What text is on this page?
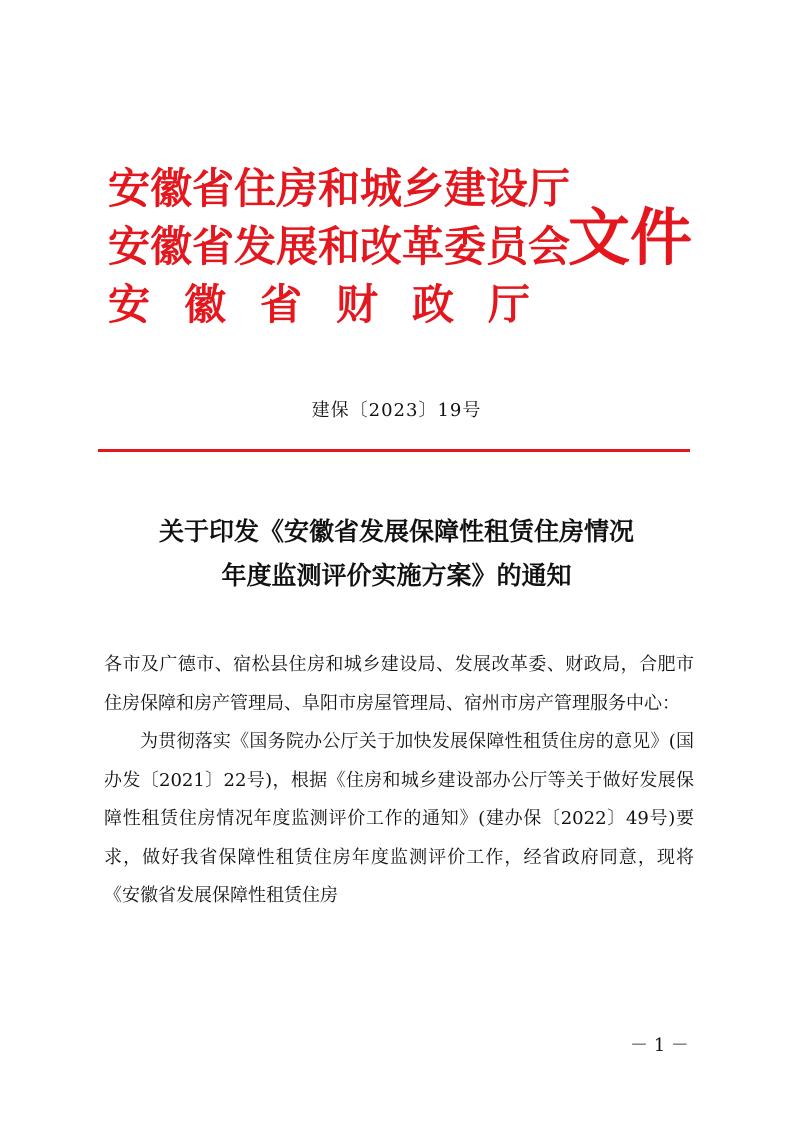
安徽省住房和城乡建设厅
安徽省发展和改革委员会
安徽省财政厅
文件
建保〔2023〕19号
关于印发《安徽省发展保障性租赁住房情况
年度监测评价实施方案》的通知

各市及广德市、宿松县住房和城乡建设局、发展改革委、财政局，合肥市住房保障和房产管理局、阜阳市房屋管理局、宿州市房产管理服务中心：

为贯彻落实《国务院办公厅关于加快发展保障性租赁住房的意见》(国办发〔2021〕22号)，根据《住房和城乡建设部办公厅等关于做好发展保障性租赁住房情况年度监测评价工作的通知》(建办保〔2022〕49号)要求，做好我省保障性租赁住房年度监测评价工作，经省政府同意，现将《安徽省发展保障性租赁住房

－ 1 －
